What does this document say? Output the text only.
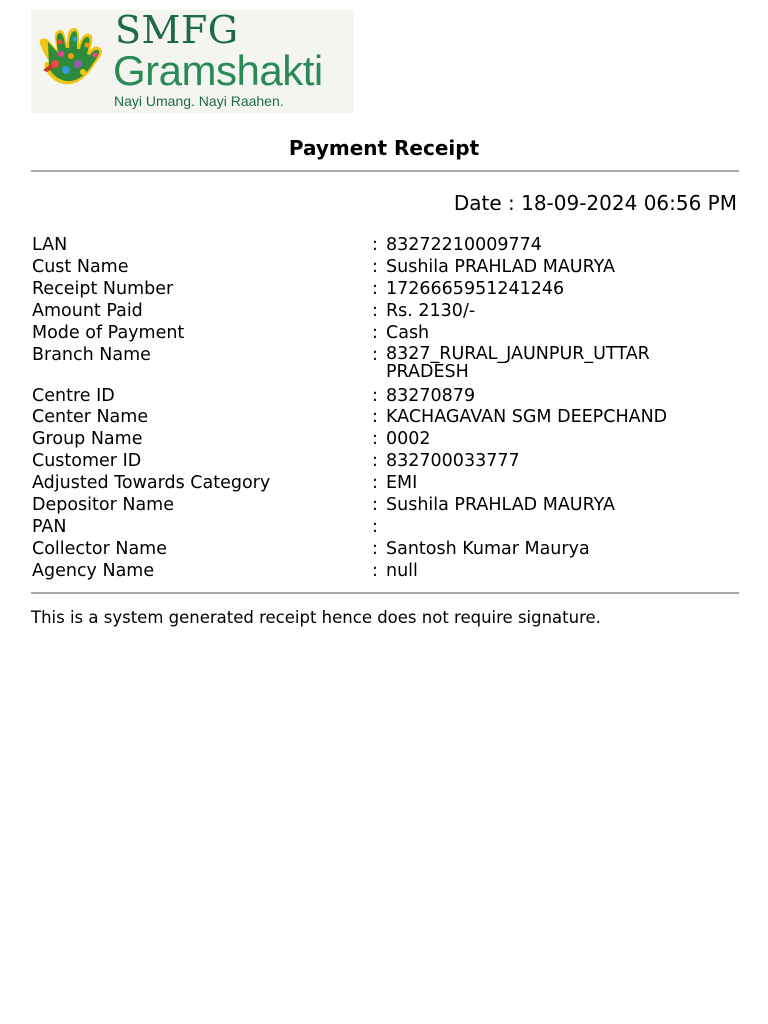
SMFG
Gramshakti
Nayi Umang. Nayi Raahen.
Payment Receipt
Date : 18-09-2024 06:56 PM
LAN	: 83272210009774
Cust Name	: Sushila PRAHLAD MAURYA
Receipt Number	: 1726665951241246
Amount Paid	: Rs. 2130/-
Mode of Payment	: Cash
Branch Name	: 8327_RURAL_JAUNPUR_UTTAR PRADESH
Centre ID	: 83270879
Center Name	: KACHAGAVAN SGM DEEPCHAND
Group Name	: 0002
Customer ID	: 832700033777
Adjusted Towards Category	: EMI
Depositor Name	: Sushila PRAHLAD MAURYA
PAN	:
Collector Name	: Santosh Kumar Maurya
Agency Name	: null
This is a system generated receipt hence does not require signature.
